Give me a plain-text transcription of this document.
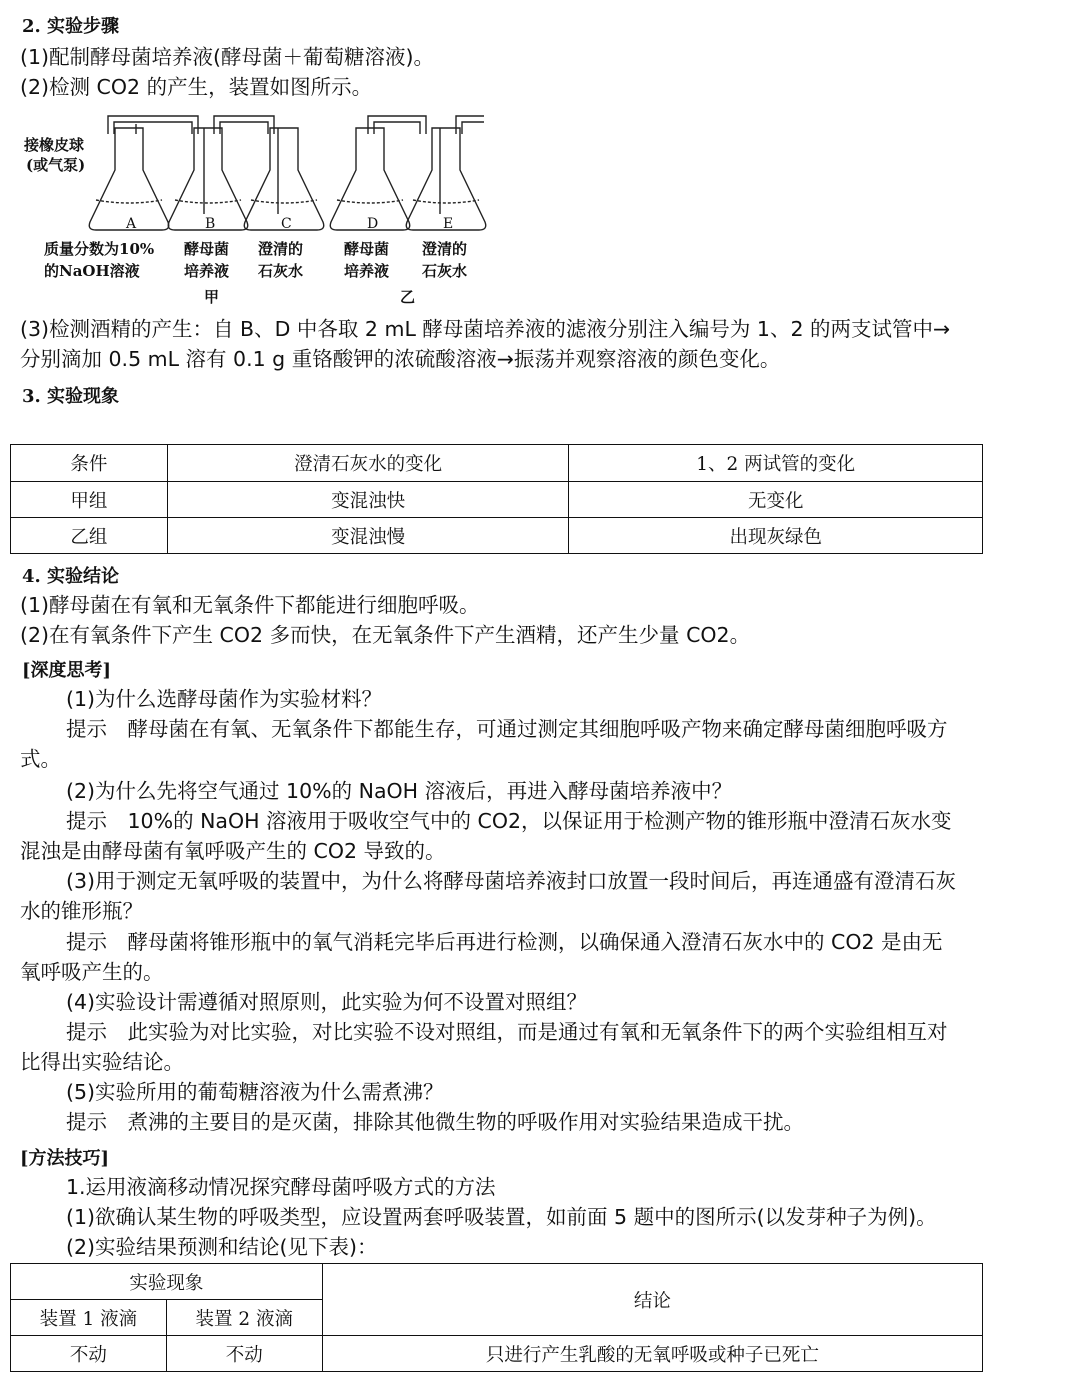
2. 实验步骤
(1)配制酵母菌培养液(酵母菌＋葡萄糖溶液)。
(2)检测 CO2 的产生，装置如图所示。
A	B	C	D	E
接橡皮球
(或气泵)
质量分数为10%
的NaOH溶液
酵母菌
培养液
澄清的
石灰水
酵母菌
培养液
澄清的
石灰水
甲	乙
(3)检测酒精的产生：自 B、D 中各取 2 mL 酵母菌培养液的滤液分别注入编号为 1、2 的两支试管中→
分别滴加 0.5 mL 溶有 0.1 g 重铬酸钾的浓硫酸溶液→振荡并观察溶液的颜色变化。
3. 实验现象
条件	澄清石灰水的变化	1、2 两试管的变化
甲组	变混浊快	无变化
乙组	变混浊慢	出现灰绿色
4. 实验结论
(1)酵母菌在有氧和无氧条件下都能进行细胞呼吸。
(2)在有氧条件下产生 CO2 多而快，在无氧条件下产生酒精，还产生少量 CO2。
[深度思考]
(1)为什么选酵母菌作为实验材料？
提示　酵母菌在有氧、无氧条件下都能生存，可通过测定其细胞呼吸产物来确定酵母菌细胞呼吸方
式。
(2)为什么先将空气通过 10%的 NaOH 溶液后，再进入酵母菌培养液中？
提示　10%的 NaOH 溶液用于吸收空气中的 CO2，以保证用于检测产物的锥形瓶中澄清石灰水变
混浊是由酵母菌有氧呼吸产生的 CO2 导致的。
(3)用于测定无氧呼吸的装置中，为什么将酵母菌培养液封口放置一段时间后，再连通盛有澄清石灰
水的锥形瓶？
提示　酵母菌将锥形瓶中的氧气消耗完毕后再进行检测，以确保通入澄清石灰水中的 CO2 是由无
氧呼吸产生的。
(4)实验设计需遵循对照原则，此实验为何不设置对照组？
提示　此实验为对比实验，对比实验不设对照组，而是通过有氧和无氧条件下的两个实验组相互对
比得出实验结论。
(5)实验所用的葡萄糖溶液为什么需煮沸？
提示　煮沸的主要目的是灭菌，排除其他微生物的呼吸作用对实验结果造成干扰。
[方法技巧]
1.运用液滴移动情况探究酵母菌呼吸方式的方法
(1)欲确认某生物的呼吸类型，应设置两套呼吸装置，如前面 5 题中的图所示(以发芽种子为例)。
(2)实验结果预测和结论(见下表)：
实验现象		结论
装置 1 液滴	装置 2 液滴	
不动	不动	只进行产生乳酸的无氧呼吸或种子已死亡
